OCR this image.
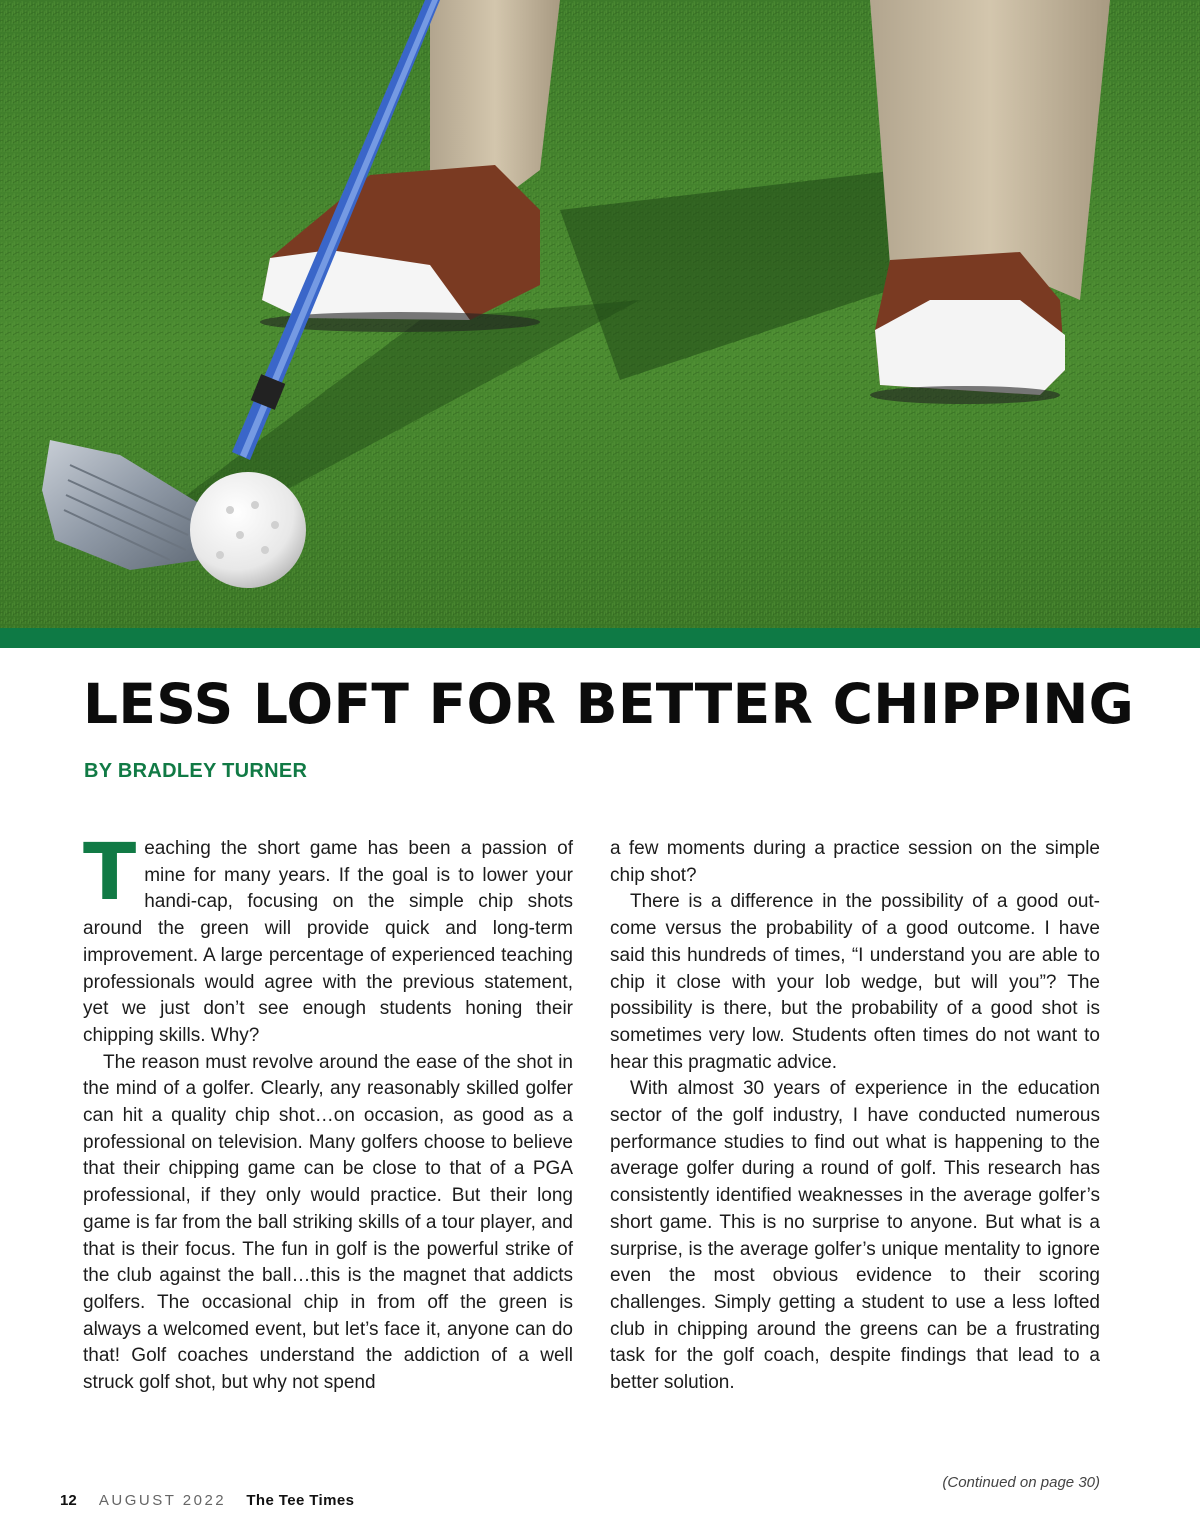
LESS LOFT FOR BETTER CHIPPING
BY BRADLEY TURNER

Teaching the short game has been a passion of mine for many years. If the goal is to lower your handi-cap, focusing on the simple chip shots around the green will provide quick and long-term improvement. A large percentage of experienced teaching professionals would agree with the previous statement, yet we just don’t see enough students honing their chipping skills. Why?

The reason must revolve around the ease of the shot in the mind of a golfer. Clearly, any reasonably skilled golfer can hit a quality chip shot…on occasion, as good as a professional on television. Many golfers choose to believe that their chipping game can be close to that of a PGA professional, if they only would practice. But their long game is far from the ball striking skills of a tour player, and that is their focus. The fun in golf is the powerful strike of the club against the ball…this is the magnet that addicts golfers. The occasional chip in from off the green is always a welcomed event, but let’s face it, anyone can do that! Golf coaches understand the addiction of a well struck golf shot, but why not spend

a few moments during a practice session on the simple chip shot?

There is a difference in the possibility of a good out-come versus the probability of a good outcome. I have said this hundreds of times, “I understand you are able to chip it close with your lob wedge, but will you”? The possibility is there, but the probability of a good shot is sometimes very low. Students often times do not want to hear this pragmatic advice.

With almost 30 years of experience in the education sector of the golf industry, I have conducted numerous performance studies to find out what is happening to the average golfer during a round of golf. This research has consistently identified weaknesses in the average golfer’s short game. This is no surprise to anyone. But what is a surprise, is the average golfer’s unique mentality to ignore even the most obvious evidence to their scoring challenges. Simply getting a student to use a less lofted club in chipping around the greens can be a frustrating task for the golf coach, despite findings that lead to a better solution.

(Continued on page 30)
12 AUGUST 2022 The Tee Times
